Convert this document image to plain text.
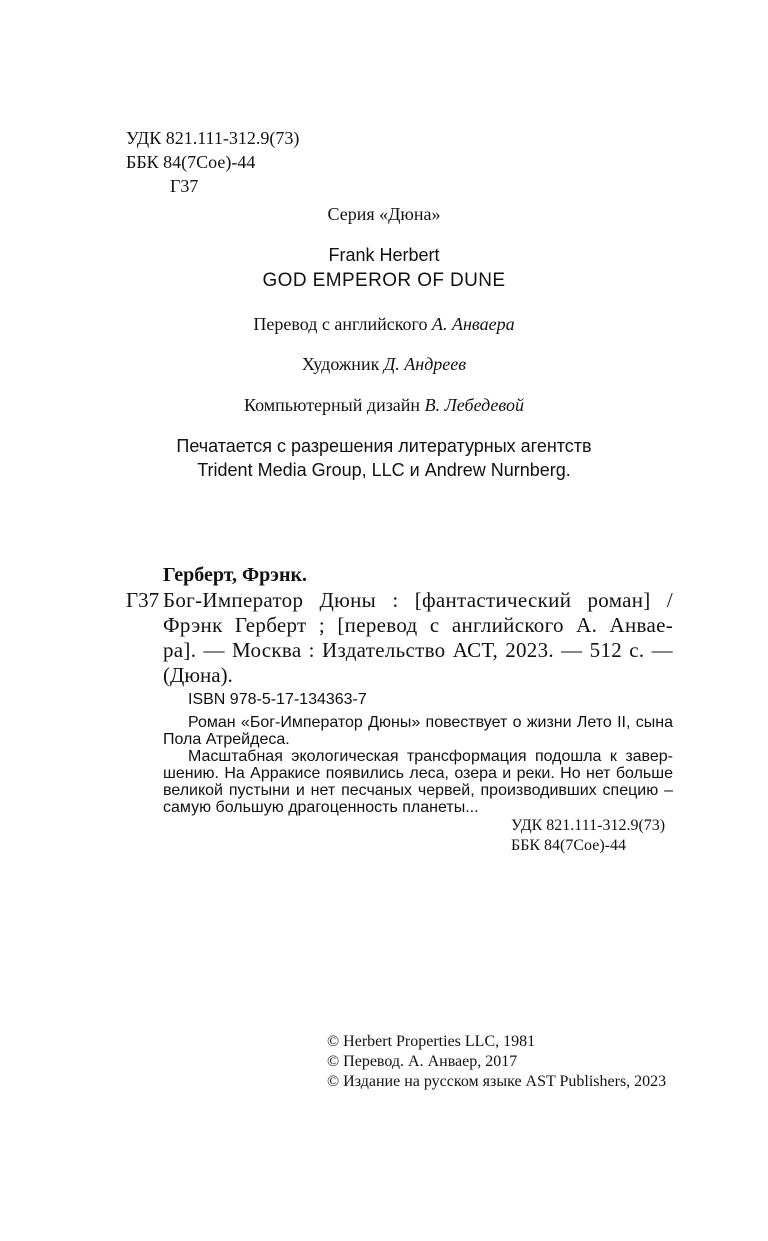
УДК 821.111-312.9(73)
ББК 84(7Сое)-44
Г37
Серия «Дюна»
Frank Herbert
GOD EMPEROR OF DUNE
Перевод с английского А. Анваера
Художник Д. Андреев
Компьютерный дизайн В. Лебедевой
Печатается с разрешения литературных агентств
Trident Media Group, LLC и Andrew Nurnberg.
Герберт, Фрэнк.
Г37 Бог-Император Дюны : [фантастический роман] /
Фрэнк Герберт ; [перевод с английского А. Анвае-
ра]. — Москва : Издательство АСТ, 2023. — 512 с. —
(Дюна).
ISBN 978-5-17-134363-7
Роман «Бог-Император Дюны» повествует о жизни Лето II, сына
Пола Атрейдеса.
Масштабная экологическая трансформация подошла к завер-
шению. На Арракисе появились леса, озера и реки. Но нет больше
великой пустыни и нет песчаных червей, производивших специю –
самую большую драгоценность планеты...
УДК 821.111-312.9(73)
ББК 84(7Сое)-44
© Herbert Properties LLC, 1981
© Перевод. А. Анваер, 2017
© Издание на русском языке AST Publishers, 2023
